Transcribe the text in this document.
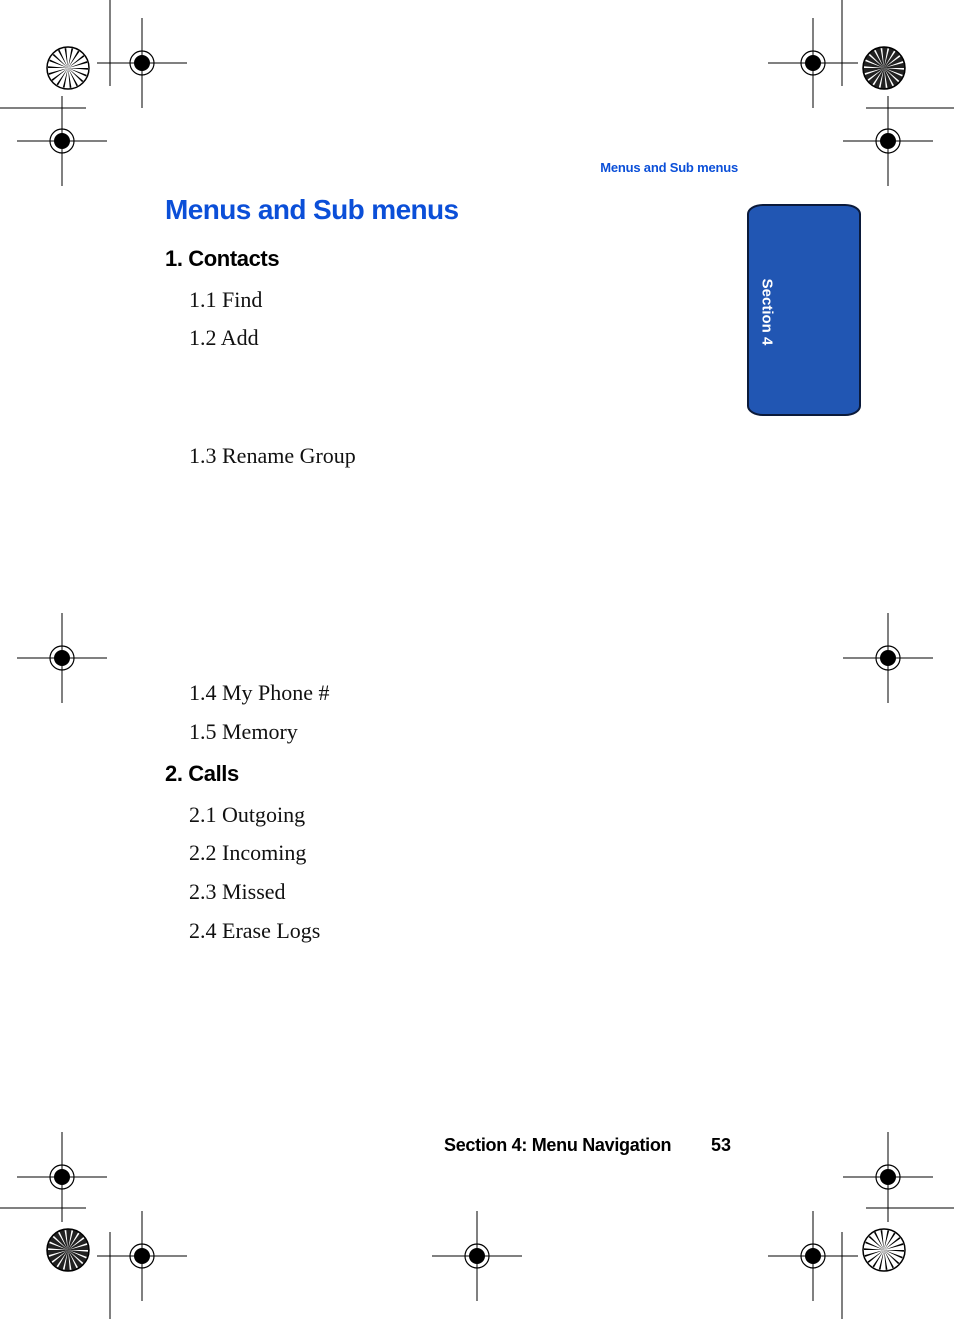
Menus and Sub menus
Menus and Sub menus
1. Contacts
1.1 Find
1.2 Add
1.3 Rename Group
1.4 My Phone #
1.5 Memory
2. Calls
2.1 Outgoing
2.2 Incoming
2.3 Missed
2.4 Erase Logs
Section 4
Section 4: Menu Navigation 53
